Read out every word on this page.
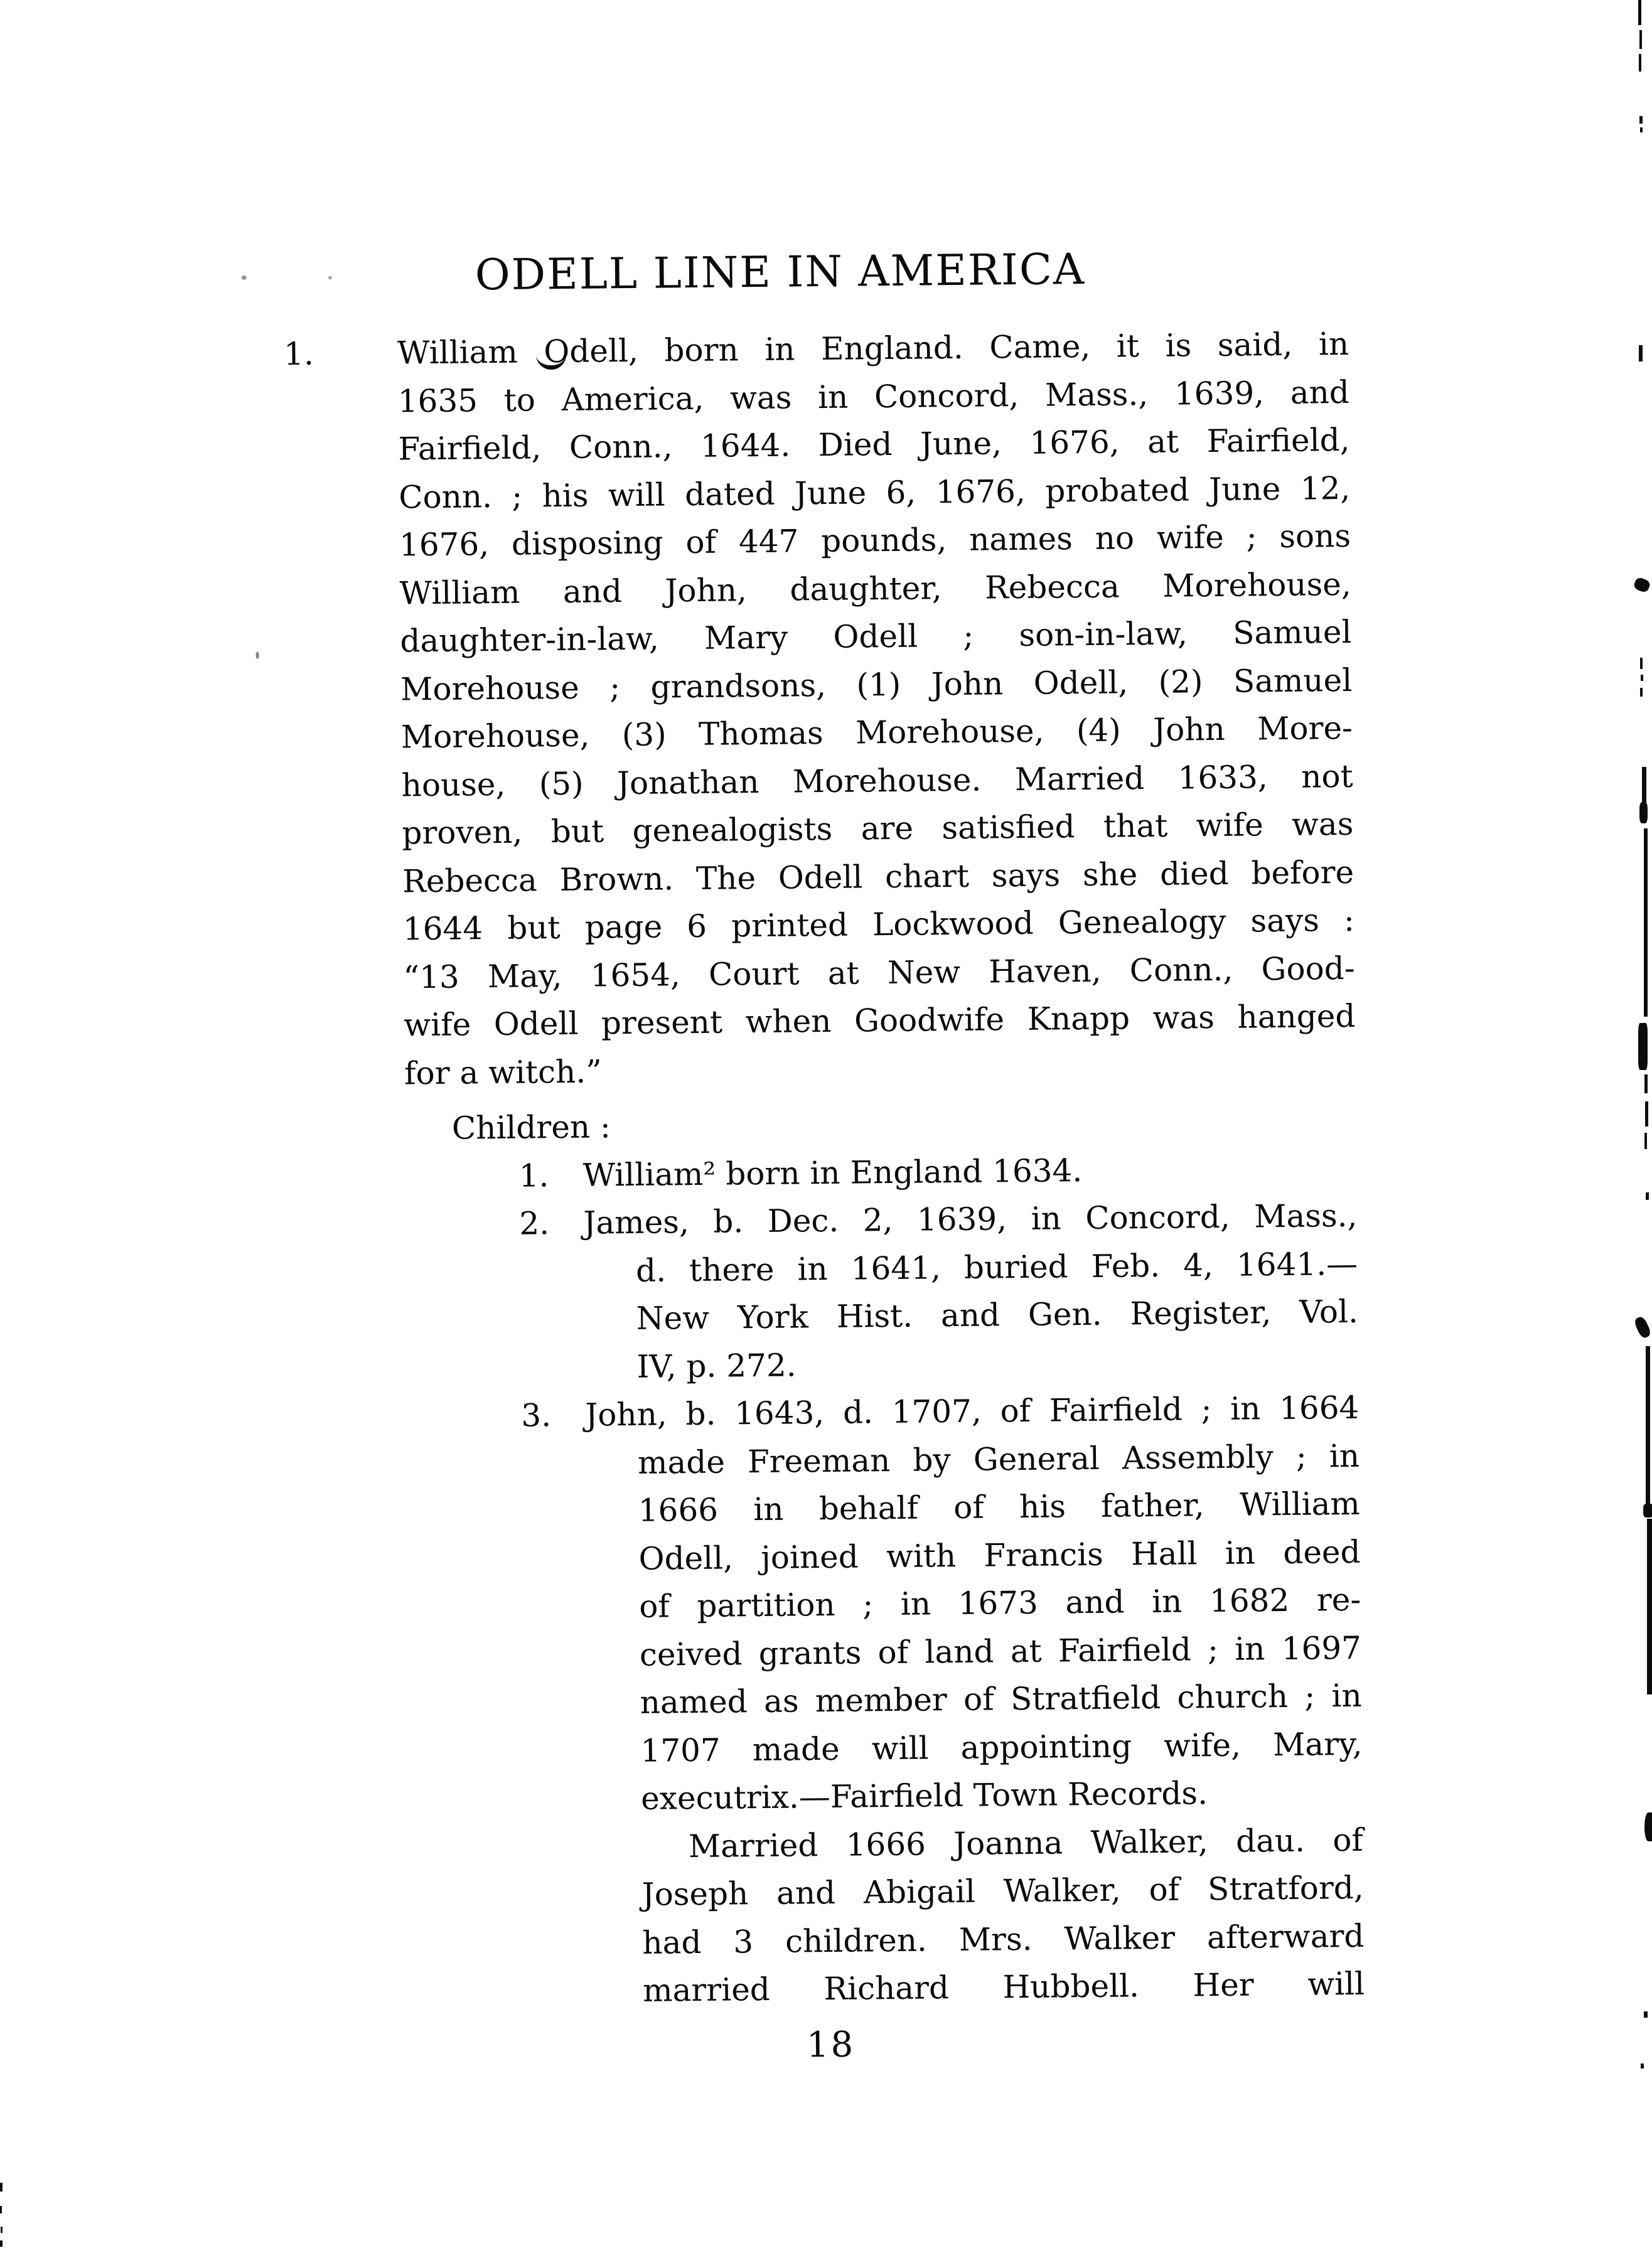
ODELL LINE IN AMERICA
1.	William Odell, born in England. Came, it is said, in
1635 to America, was in Concord, Mass., 1639, and
Fairfield, Conn., 1644. Died June, 1676, at Fairfield,
Conn. ; his will dated June 6, 1676, probated June 12,
1676, disposing of 447 pounds, names no wife ; sons
William and John, daughter, Rebecca Morehouse,
daughter-in-law, Mary Odell ; son-in-law, Samuel
Morehouse ; grandsons, (1) John Odell, (2) Samuel
Morehouse, (3) Thomas Morehouse, (4) John More-
house, (5) Jonathan Morehouse. Married 1633, not
proven, but genealogists are satisfied that wife was
Rebecca Brown. The Odell chart says she died before
1644 but page 6 printed Lockwood Genealogy says :
“13 May, 1654, Court at New Haven, Conn., Good-
wife Odell present when Goodwife Knapp was hanged
for a witch.”
Children :
1. William² born in England 1634.
2. James, b. Dec. 2, 1639, in Concord, Mass.,
d. there in 1641, buried Feb. 4, 1641.—
New York Hist. and Gen. Register, Vol.
IV, p. 272.
3. John, b. 1643, d. 1707, of Fairfield ; in 1664
made Freeman by General Assembly ; in
1666 in behalf of his father, William
Odell, joined with Francis Hall in deed
of partition ; in 1673 and in 1682 re-
ceived grants of land at Fairfield ; in 1697
named as member of Stratfield church ; in
1707 made will appointing wife, Mary,
executrix.—Fairfield Town Records.
Married 1666 Joanna Walker, dau. of
Joseph and Abigail Walker, of Stratford,
had 3 children. Mrs. Walker afterward
married Richard Hubbell. Her will
18
